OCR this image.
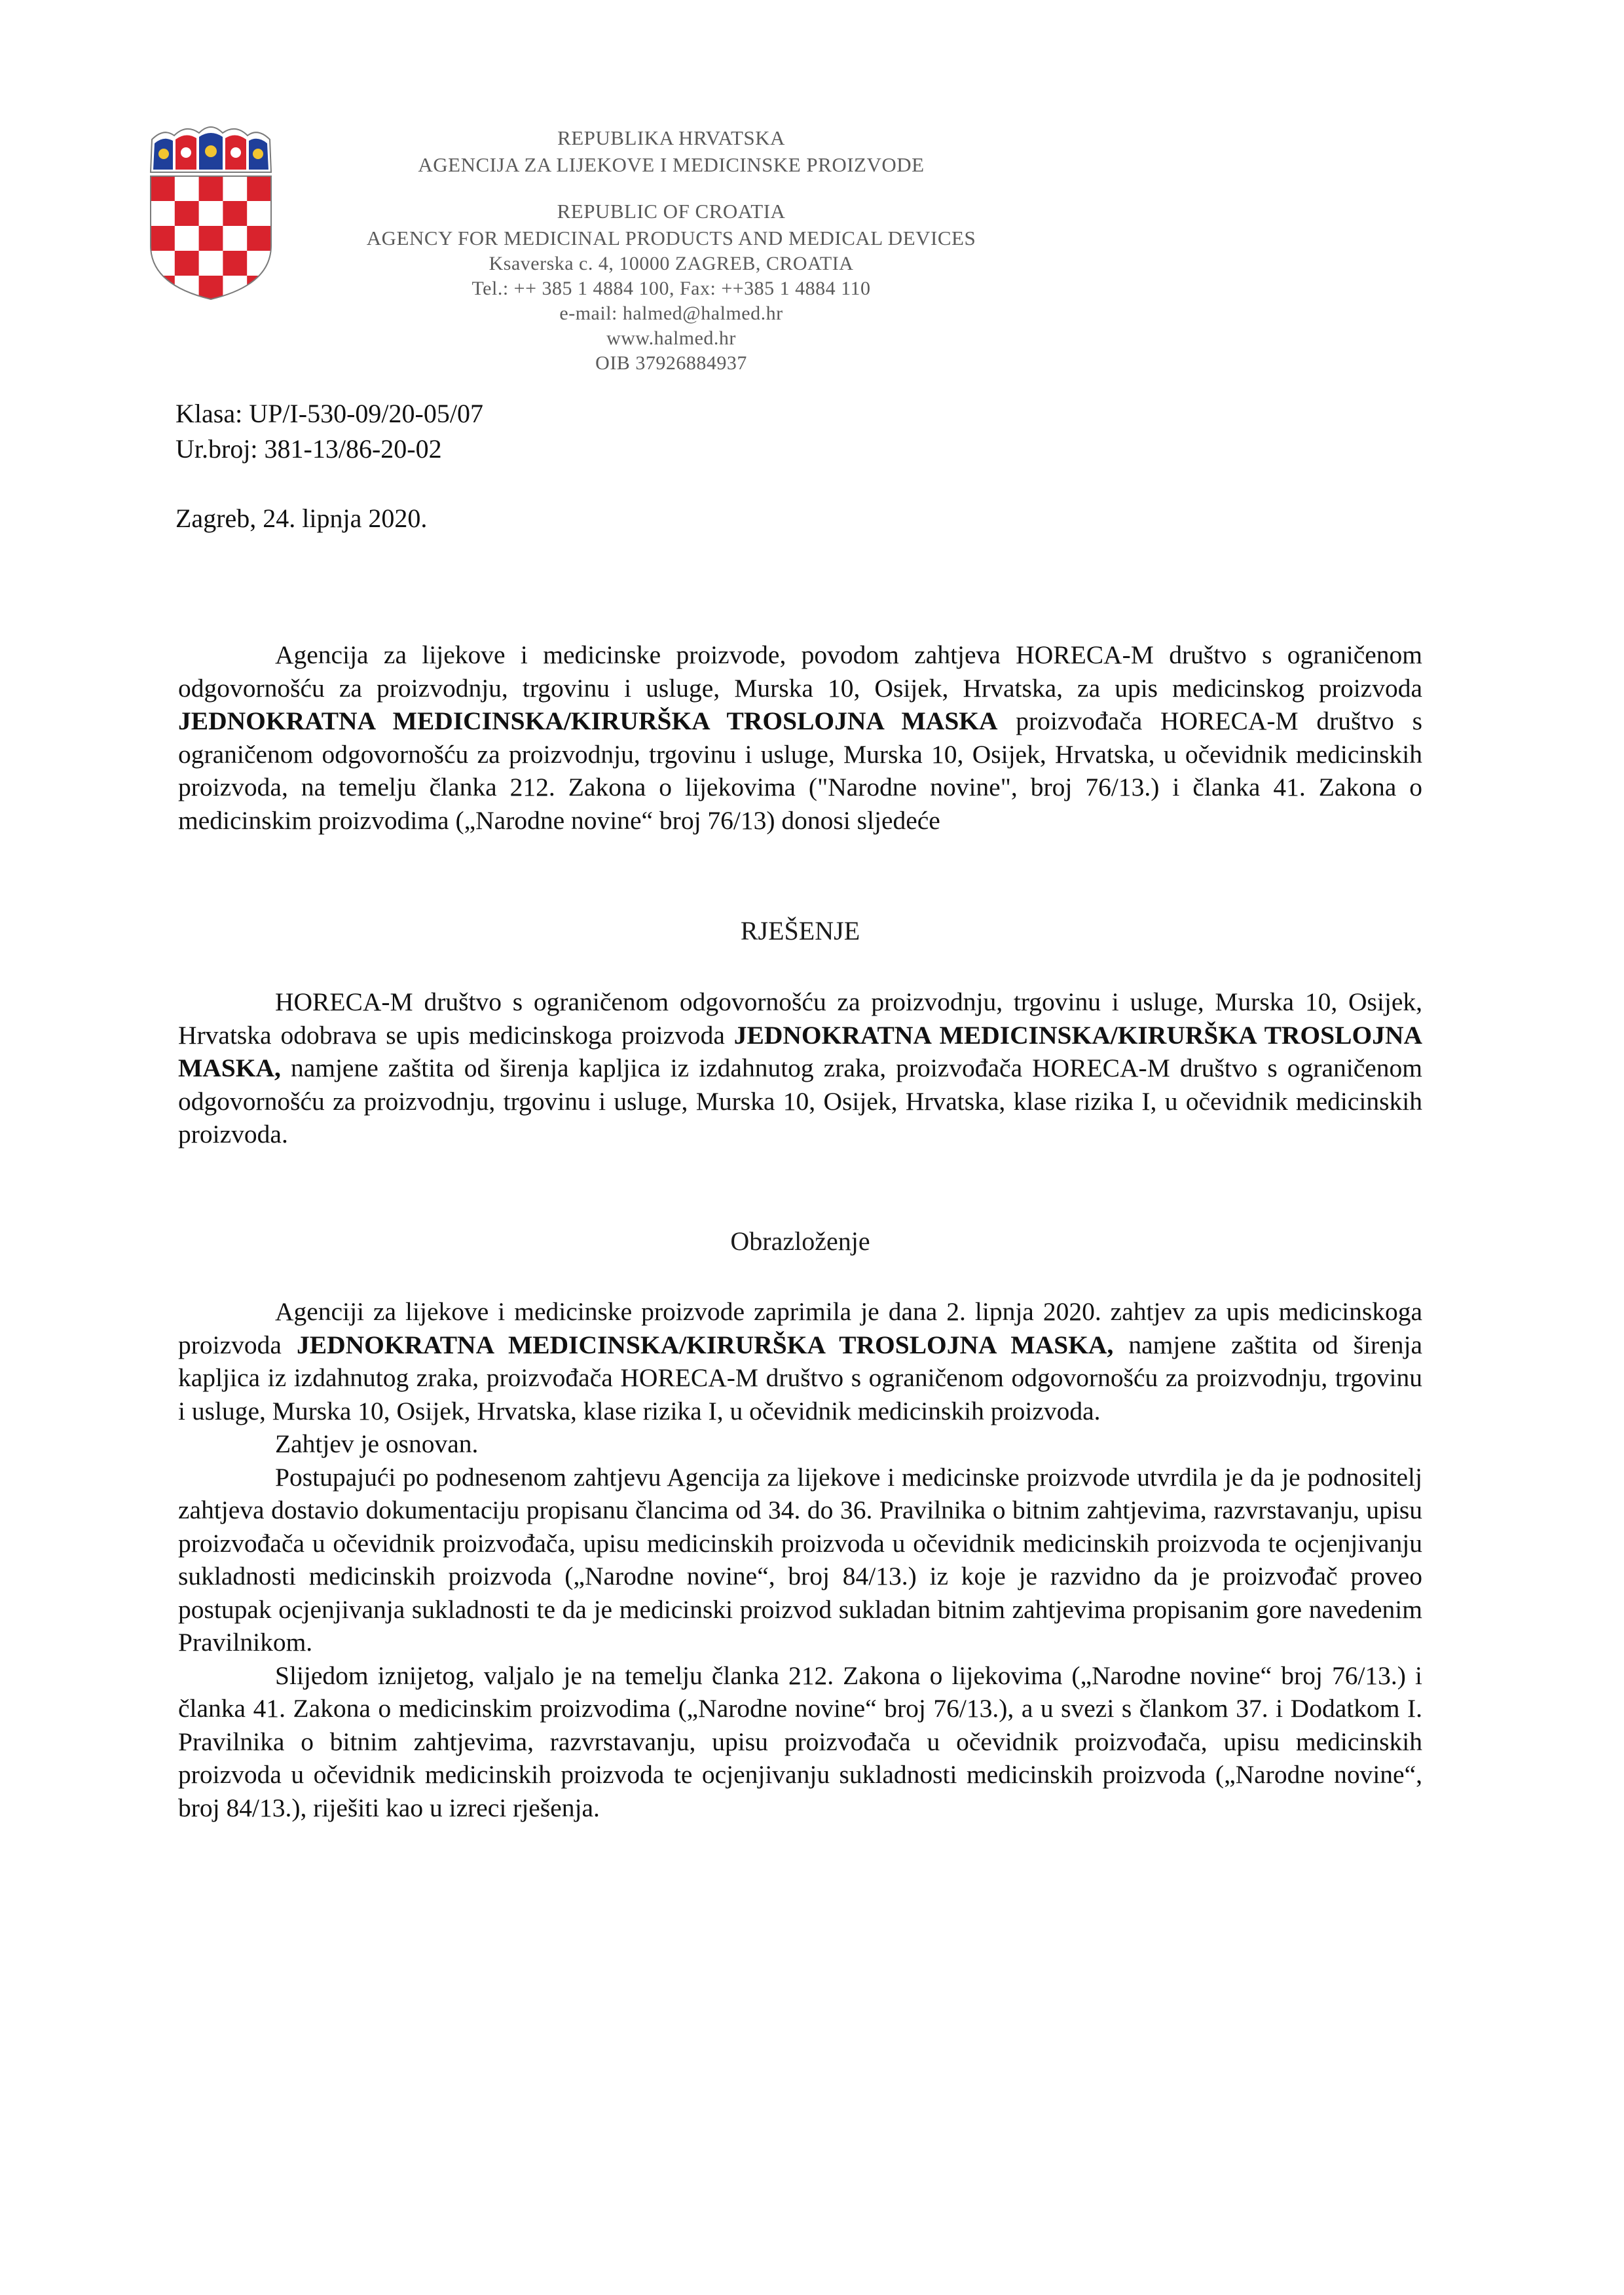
REPUBLIKA HRVATSKA
AGENCIJA ZA LIJEKOVE I MEDICINSKE PROIZVODE
REPUBLIC OF CROATIA
AGENCY FOR MEDICINAL PRODUCTS AND MEDICAL DEVICES
Ksaverska c. 4, 10000 ZAGREB, CROATIA
Tel.: ++ 385 1 4884 100, Fax: ++385 1 4884 110
e-mail: halmed@halmed.hr
www.halmed.hr
OIB 37926884937
Klasa: UP/I-530-09/20-05/07
Ur.broj: 381-13/86-20-02
Zagreb, 24. lipnja 2020.

Agencija za lijekove i medicinske proizvode, povodom zahtjeva HORECA-M društvo s ograničenom odgovornošću za proizvodnju, trgovinu i usluge, Murska 10, Osijek, Hrvatska, za upis medicinskog proizvoda JEDNOKRATNA MEDICINSKA/KIRURŠKA TROSLOJNA MASKA proizvođača HORECA-M društvo s ograničenom odgovornošću za proizvodnju, trgovinu i usluge, Murska 10, Osijek, Hrvatska, u očevidnik medicinskih proizvoda, na temelju članka 212. Zakona o lijekovima ("Narodne novine", broj 76/13.) i članka 41. Zakona o medicinskim proizvodima („Narodne novine“ broj 76/13) donosi sljedeće

RJEŠENJE

HORECA-M društvo s ograničenom odgovornošću za proizvodnju, trgovinu i usluge, Murska 10, Osijek, Hrvatska odobrava se upis medicinskoga proizvoda JEDNOKRATNA MEDICINSKA/KIRURŠKA TROSLOJNA MASKA, namjene zaštita od širenja kapljica iz izdahnutog zraka, proizvođača HORECA-M društvo s ograničenom odgovornošću za proizvodnju, trgovinu i usluge, Murska 10, Osijek, Hrvatska, klase rizika I, u očevidnik medicinskih proizvoda.

Obrazloženje

Agenciji za lijekove i medicinske proizvode zaprimila je dana 2. lipnja 2020. zahtjev za upis medicinskoga proizvoda JEDNOKRATNA MEDICINSKA/KIRURŠKA TROSLOJNA MASKA, namjene zaštita od širenja kapljica iz izdahnutog zraka, proizvođača HORECA-M društvo s ograničenom odgovornošću za proizvodnju, trgovinu i usluge, Murska 10, Osijek, Hrvatska, klase rizika I, u očevidnik medicinskih proizvoda.

Zahtjev je osnovan.

Postupajući po podnesenom zahtjevu Agencija za lijekove i medicinske proizvode utvrdila je da je podnositelj zahtjeva dostavio dokumentaciju propisanu člancima od 34. do 36. Pravilnika o bitnim zahtjevima, razvrstavanju, upisu proizvođača u očevidnik proizvođača, upisu medicinskih proizvoda u očevidnik medicinskih proizvoda te ocjenjivanju sukladnosti medicinskih proizvoda („Narodne novine“, broj 84/13.) iz koje je razvidno da je proizvođač proveo postupak ocjenjivanja sukladnosti te da je medicinski proizvod sukladan bitnim zahtjevima propisanim gore navedenim Pravilnikom.

Slijedom iznijetog, valjalo je na temelju članka 212. Zakona o lijekovima („Narodne novine“ broj 76/13.) i članka 41. Zakona o medicinskim proizvodima („Narodne novine“ broj 76/13.), a u svezi s člankom 37. i Dodatkom I. Pravilnika o bitnim zahtjevima, razvrstavanju, upisu proizvođača u očevidnik proizvođača, upisu medicinskih proizvoda u očevidnik medicinskih proizvoda te ocjenjivanju sukladnosti medicinskih proizvoda („Narodne novine“, broj 84/13.), riješiti kao u izreci rješenja.
